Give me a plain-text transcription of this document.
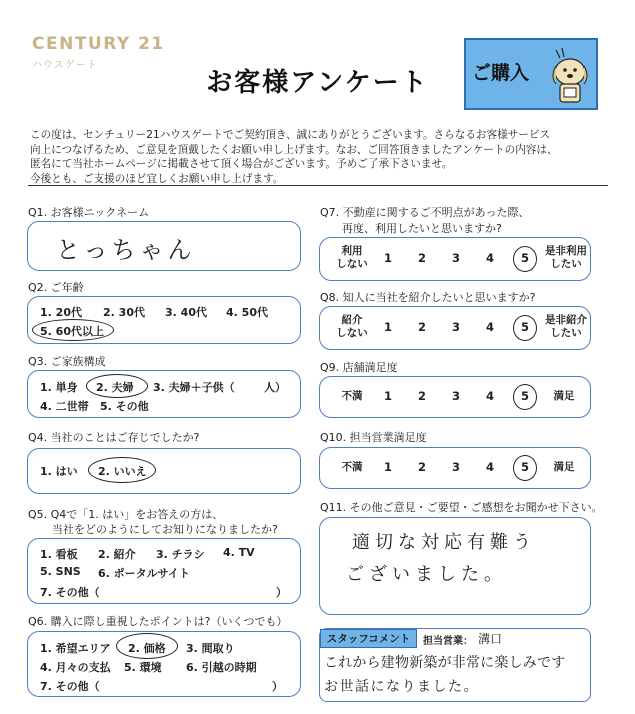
CENTURY 21
ハウスゲート
お客様アンケート	ご購入
この度は、センチュリー21ハウスゲートでご契約頂き、誠にありがとうございます。さらなるお客様サービス
向上につなげるため、ご意見を頂戴したくお願い申し上げます。なお、ご回答頂きましたアンケートの内容は、
匿名にて当社ホームページに掲載させて頂く場合がございます。予めご了承下さいませ。
今後とも、ご支援のほど宜しくお願い申し上げます。
Q1. お客様ニックネーム
とっちゃん
Q2. ご年齢
1. 20代 2. 30代 3. 40代 4. 50代
5. 60代以上
Q3. ご家族構成
1. 単身 2. 夫婦 3. 夫婦＋子供（	人）
4. 二世帯 5. その他
Q4. 当社のことはご存じでしたか?
1. はい 2. いいえ
Q5. Q4で「1. はい」をお答えの方は、
当社をどのようにしてお知りになりましたか?
1. 看板 2. 紹介 3. チラシ 4. TV
5. SNS 6. ポータルサイト
7. その他（	）
Q6. 購入に際し重視したポイントは?（いくつでも）
1. 希望エリア 2. 価格 3. 間取り
4. 月々の支払 5. 環境 6. 引越の時期
7. その他（	）
Q7. 不動産に関するご不明点があった際、
再度、利用したいと思いますか?
利用
しない 1 2 3 4 5 是非利用
したい
Q8. 知人に当社を紹介したいと思いますか?
紹介
しない 1 2 3 4 5 是非紹介
したい
Q9. 店舗満足度
不満	1 2 3 4 5	満足
Q10. 担当営業満足度
不満	1 2 3 4 5	満足
Q11. その他ご意見・ご要望・ご感想をお聞かせ下さい。
適切な対応有難う
ございました。
スタッフコメント	担当営業： 溝口
これから建物新築が非常に楽しみです
お世話になりました。
